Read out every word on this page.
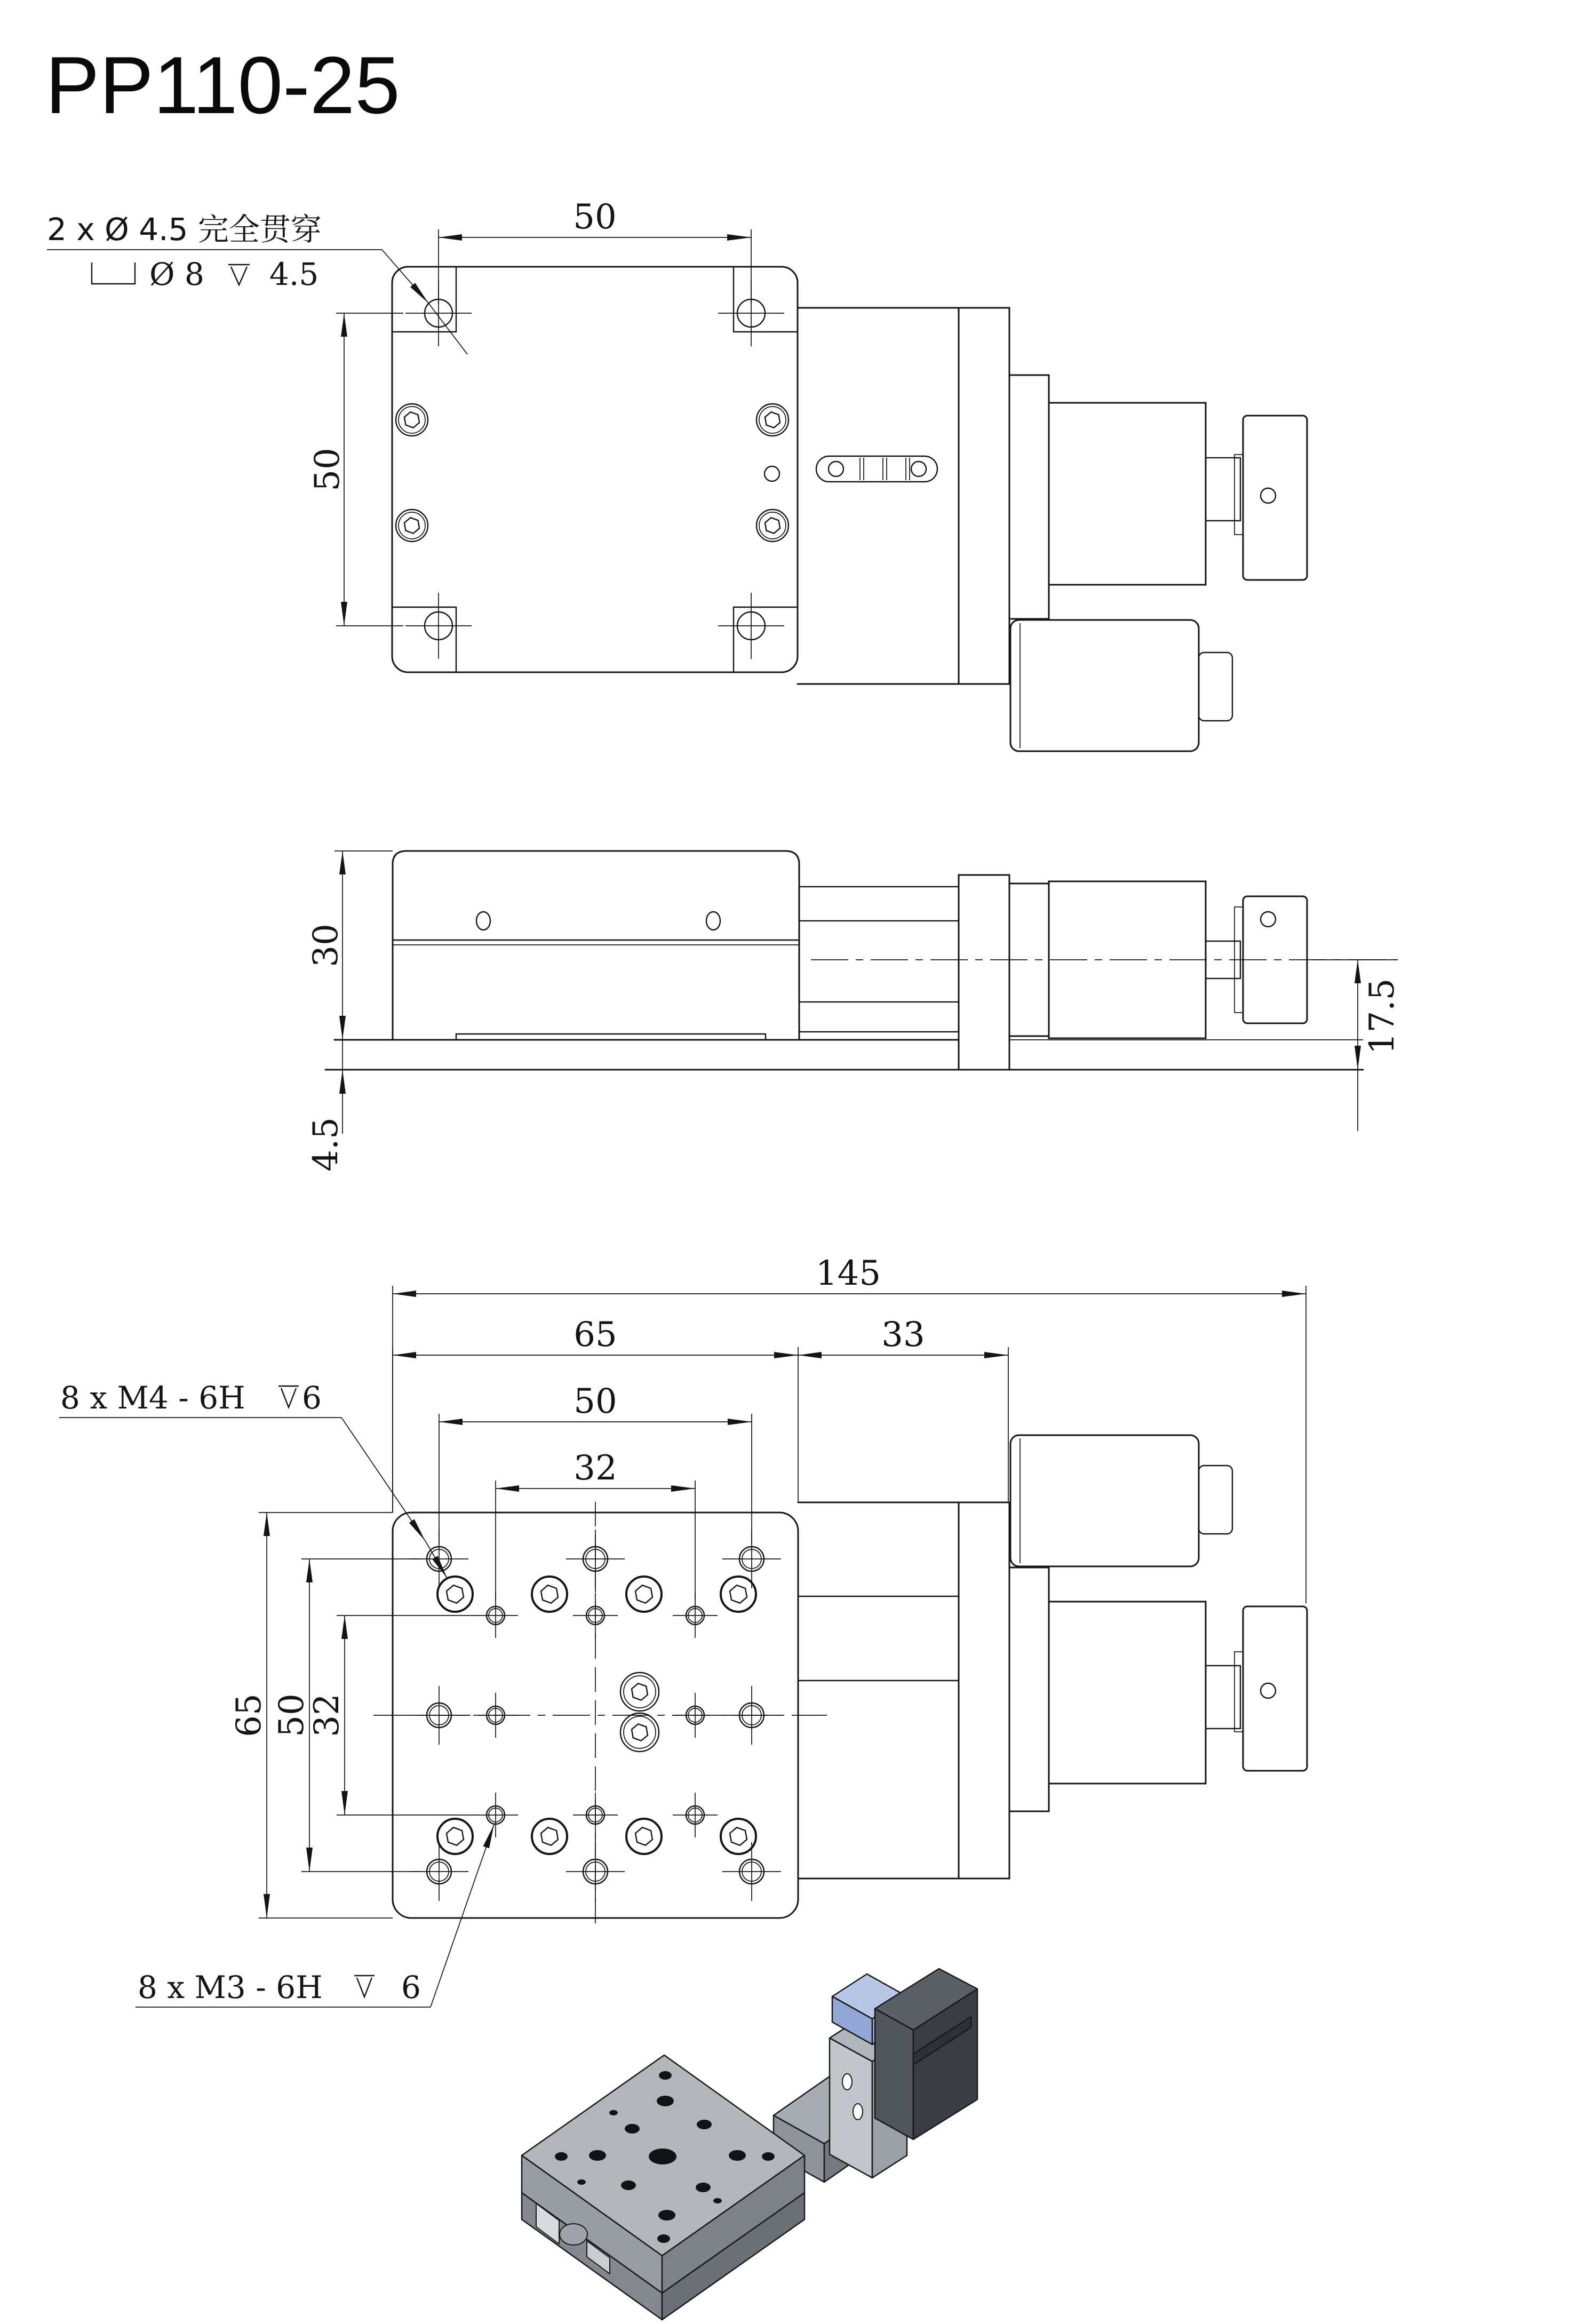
PP110-25
50
50
2 x Ø 4.5 完全贯穿
Ø 8 4.5
30
4.5
17.5
145
65	33
50
32
65 50
32
8 x M4 - 6H 6
8 x M3 - 6H	6
